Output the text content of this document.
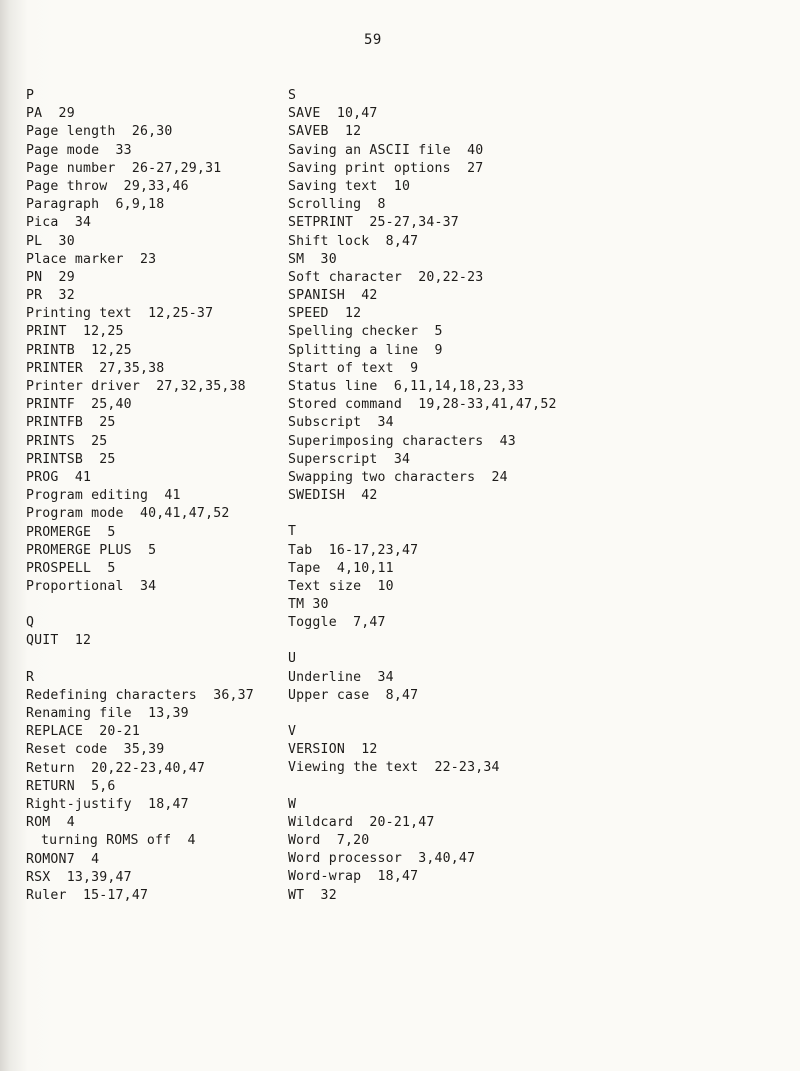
59
P
PA  29
Page length  26,30
Page mode  33
Page number  26-27,29,31
Page throw  29,33,46
Paragraph  6,9,18
Pica  34
PL  30
Place marker  23
PN  29
PR  32
Printing text  12,25-37
PRINT  12,25
PRINTB  12,25
PRINTER  27,35,38
Printer driver  27,32,35,38
PRINTF  25,40
PRINTFB  25
PRINTS  25
PRINTSB  25
PROG  41
Program editing  41
Program mode  40,41,47,52
PROMERGE  5
PROMERGE PLUS  5
PROSPELL  5
Proportional  34
Q
QUIT  12
R
Redefining characters  36,37
Renaming file  13,39
REPLACE  20-21
Reset code  35,39
Return  20,22-23,40,47
RETURN  5,6
Right-justify  18,47
ROM  4
turning ROMS off  4
ROMON7  4
RSX  13,39,47
Ruler  15-17,47
S
SAVE  10,47
SAVEB  12
Saving an ASCII file  40
Saving print options  27
Saving text  10
Scrolling  8
SETPRINT  25-27,34-37
Shift lock  8,47
SM  30
Soft character  20,22-23
SPANISH  42
SPEED  12
Spelling checker  5
Splitting a line  9
Start of text  9
Status line  6,11,14,18,23,33
Stored command  19,28-33,41,47,52
Subscript  34
Superimposing characters  43
Superscript  34
Swapping two characters  24
SWEDISH  42
T
Tab  16-17,23,47
Tape  4,10,11
Text size  10
TM 30
Toggle  7,47
U
Underline  34
Upper case  8,47
V
VERSION  12
Viewing the text  22-23,34
W
Wildcard  20-21,47
Word  7,20
Word processor  3,40,47
Word-wrap  18,47
WT  32
